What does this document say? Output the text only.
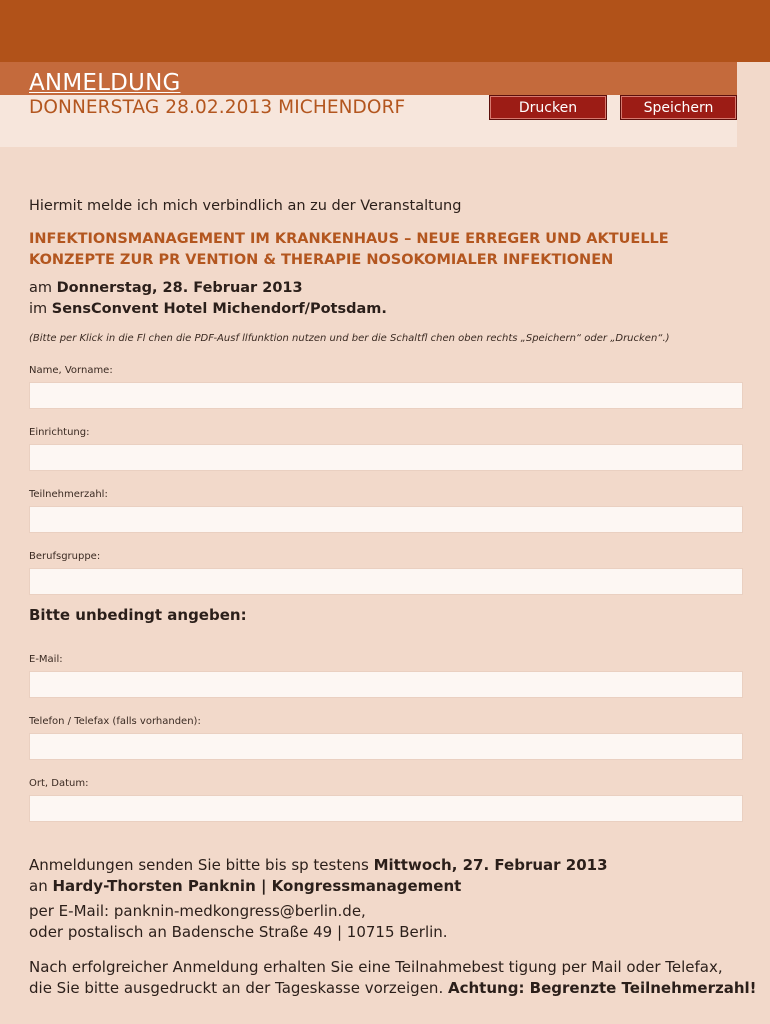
ANMELDUNG
DONNERSTAG 28.02.2013 MICHENDORF	Drucken	Speichern
Hiermit melde ich mich verbindlich an zu der Veranstaltung
INFEKTIONSMANAGEMENT IM KRANKENHAUS – NEUE ERREGER UND AKTUELLE
KONZEPTE ZUR PR VENTION & THERAPIE NOSOKOMIALER INFEKTIONEN
am Donnerstag, 28. Februar 2013
im SensConvent Hotel Michendorf/Potsdam.
(Bitte per Klick in die Fl chen die PDF-Ausf llfunktion nutzen und ber die Schaltfl chen oben rechts „Speichern“ oder „Drucken“.)
Name, Vorname:
Einrichtung:
Teilnehmerzahl:
Berufsgruppe:
Bitte unbedingt angeben:
E-Mail:
Telefon / Telefax (falls vorhanden):
Ort, Datum:
Anmeldungen senden Sie bitte bis sp testens Mittwoch, 27. Februar 2013
an Hardy-Thorsten Panknin | Kongressmanagement
per E-Mail: panknin-medkongress@berlin.de,
oder postalisch an Badensche Straße 49 | 10715 Berlin.
Nach erfolgreicher Anmeldung erhalten Sie eine Teilnahmebest tigung per Mail oder Telefax,
die Sie bitte ausgedruckt an der Tageskasse vorzeigen. Achtung: Begrenzte Teilnehmerzahl!
